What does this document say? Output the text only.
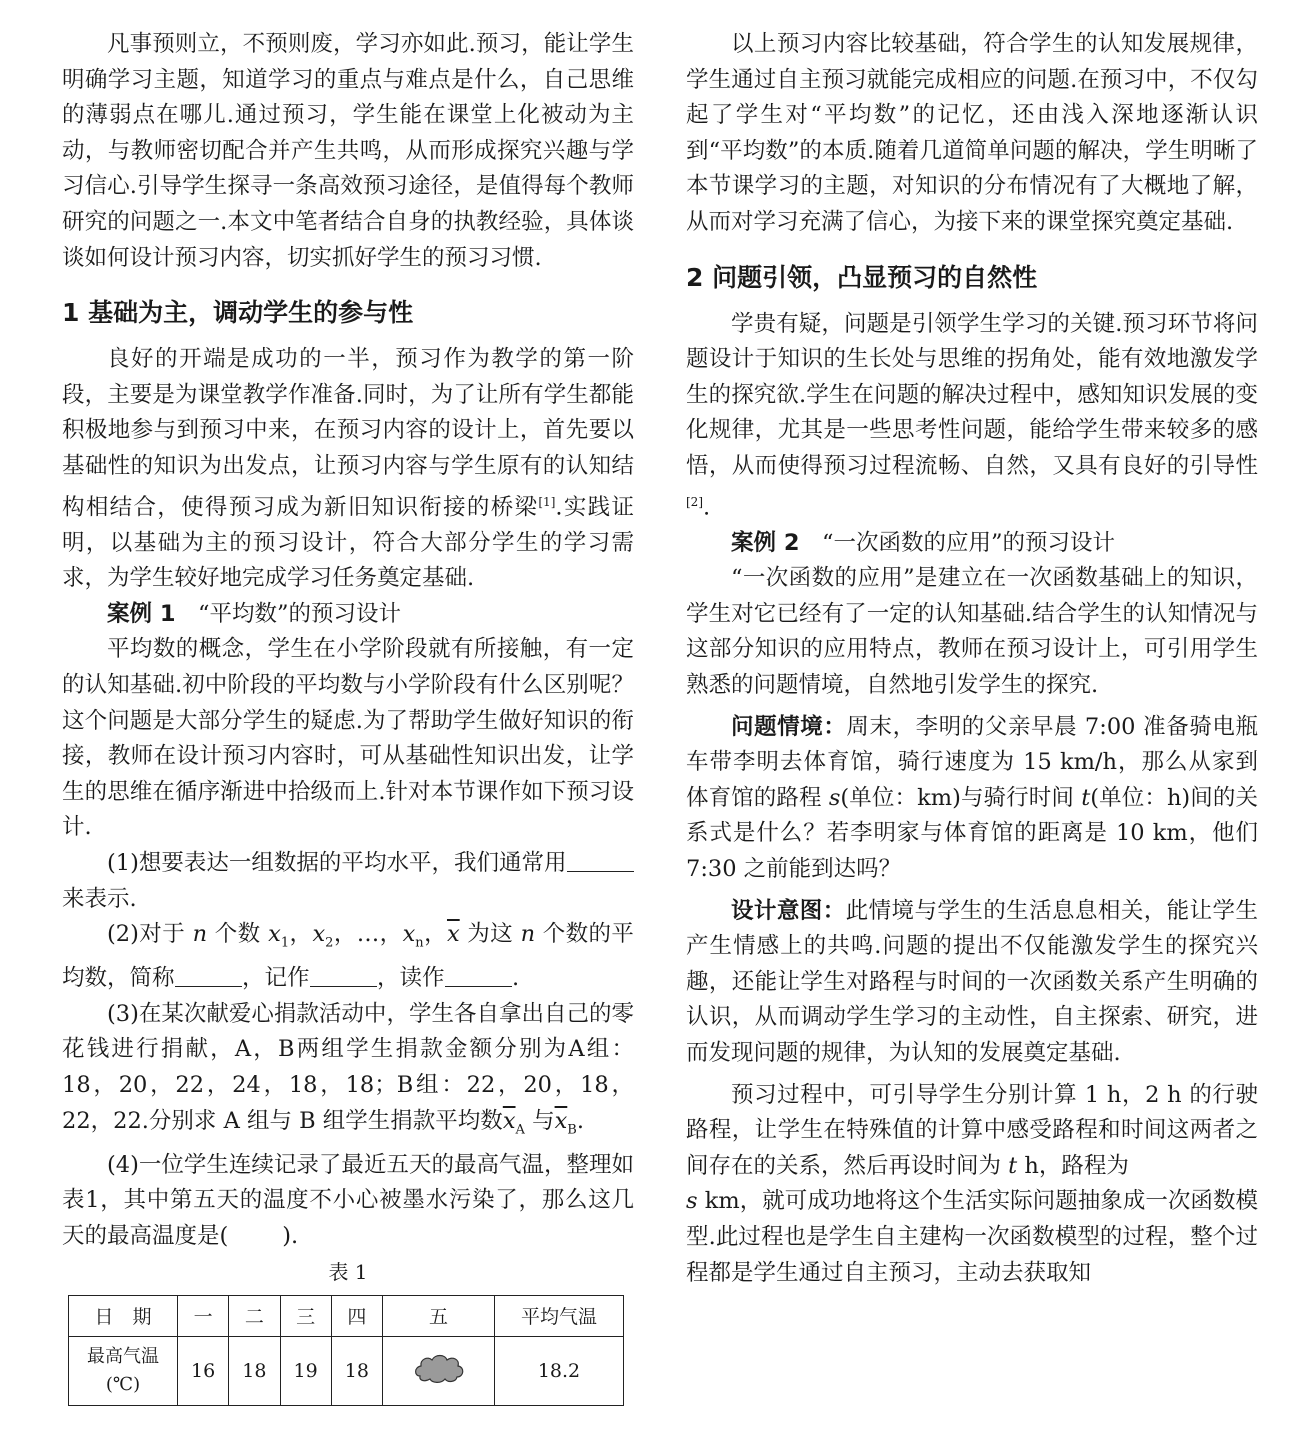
凡事预则立，不预则废，学习亦如此.预习，能让学生明确学习主题，知道学习的重点与难点是什么，自己思维的薄弱点在哪儿.通过预习，学生能在课堂上化被动为主动，与教师密切配合并产生共鸣，从而形成探究兴趣与学习信心.引导学生探寻一条高效预习途径，是值得每个教师研究的问题之一.本文中笔者结合自身的执教经验，具体谈谈如何设计预习内容，切实抓好学生的预习习惯.

1 基础为主，调动学生的参与性

良好的开端是成功的一半，预习作为教学的第一阶段，主要是为课堂教学作准备.同时，为了让所有学生都能积极地参与到预习中来，在预习内容的设计上，首先要以基础性的知识为出发点，让预习内容与学生原有的认知结构相结合，使得预习成为新旧知识衔接的桥梁[1].实践证明，以基础为主的预习设计，符合大部分学生的学习需求，为学生较好地完成学习任务奠定基础.

案例 1　 “平均数”的预习设计

平均数的概念，学生在小学阶段就有所接触，有一定的认知基础.初中阶段的平均数与小学阶段有什么区别呢？这个问题是大部分学生的疑虑.为了帮助学生做好知识的衔接，教师在设计预习内容时，可从基础性知识出发，让学生的思维在循序渐进中拾级而上.针对本节课作如下预习设计.

(1)想要表达一组数据的平均水平，我们通常用来表示.

(2)对于 n 个数 $x_1$，$x_2$，…，$x_n$，$\overline{x}$ 为这 n 个数的平均数，简称	，记作	，读作	.

(3)在某次献爱心捐款活动中，学生各自拿出自己的零花钱进行捐献，A，B两组学生捐款金额分别为A组：18，20，22，24，18，18；B组：22，20，18，22，22.分别求 A 组与 B 组学生捐款平均数$\overline{x}_A$ 与$\overline{x}_B$.

(4)一位学生连续记录了最近五天的最高气温，整理如表1，其中第五天的温度不小心被墨水污染了，那么这几天的最高温度是( ).

表 1
日　期	一	二	三	四	五	平均气温
最高气温
(℃)	16	18	19	18		18.2

以上预习内容比较基础，符合学生的认知发展规律，学生通过自主预习就能完成相应的问题.在预习中，不仅勾起了学生对“平均数”的记忆，还由浅入深地逐渐认识到“平均数”的本质.随着几道简单问题的解决，学生明晰了本节课学习的主题，对知识的分布情况有了大概地了解，从而对学习充满了信心，为接下来的课堂探究奠定基础.

2 问题引领，凸显预习的自然性

学贵有疑，问题是引领学生学习的关键.预习环节将问题设计于知识的生长处与思维的拐角处，能有效地激发学生的探究欲.学生在问题的解决过程中，感知知识发展的变化规律，尤其是一些思考性问题，能给学生带来较多的感悟，从而使得预习过程流畅、自然，又具有良好的引导性[2].

案例 2　 “一次函数的应用”的预习设计

“一次函数的应用”是建立在一次函数基础上的知识，学生对它已经有了一定的认知基础.结合学生的认知情况与这部分知识的应用特点，教师在预习设计上，可引用学生熟悉的问题情境，自然地引发学生的探究.

问题情境：周末，李明的父亲早晨 7:00 准备骑电瓶车带李明去体育馆，骑行速度为 15 km/h，那么从家到体育馆的路程 s(单位：km)与骑行时间 t(单位：h)间的关系式是什么？若李明家与体育馆的距离是 10 km，他们 7:30 之前能到达吗？

设计意图：此情境与学生的生活息息相关，能让学生产生情感上的共鸣.问题的提出不仅能激发学生的探究兴趣，还能让学生对路程与时间的一次函数关系产生明确的认识，从而调动学生学习的主动性，自主探索、研究，进而发现问题的规律，为认知的发展奠定基础.

预习过程中，可引导学生分别计算 1 h，2 h 的行驶路程，让学生在特殊值的计算中感受路程和时间这两者之间存在的关系，然后再设时间为 t h，路程为
s km，就可成功地将这个生活实际问题抽象成一次函数模型.此过程也是学生自主建构一次函数模型的过程，整个过程都是学生通过自主预习，主动去获取知
